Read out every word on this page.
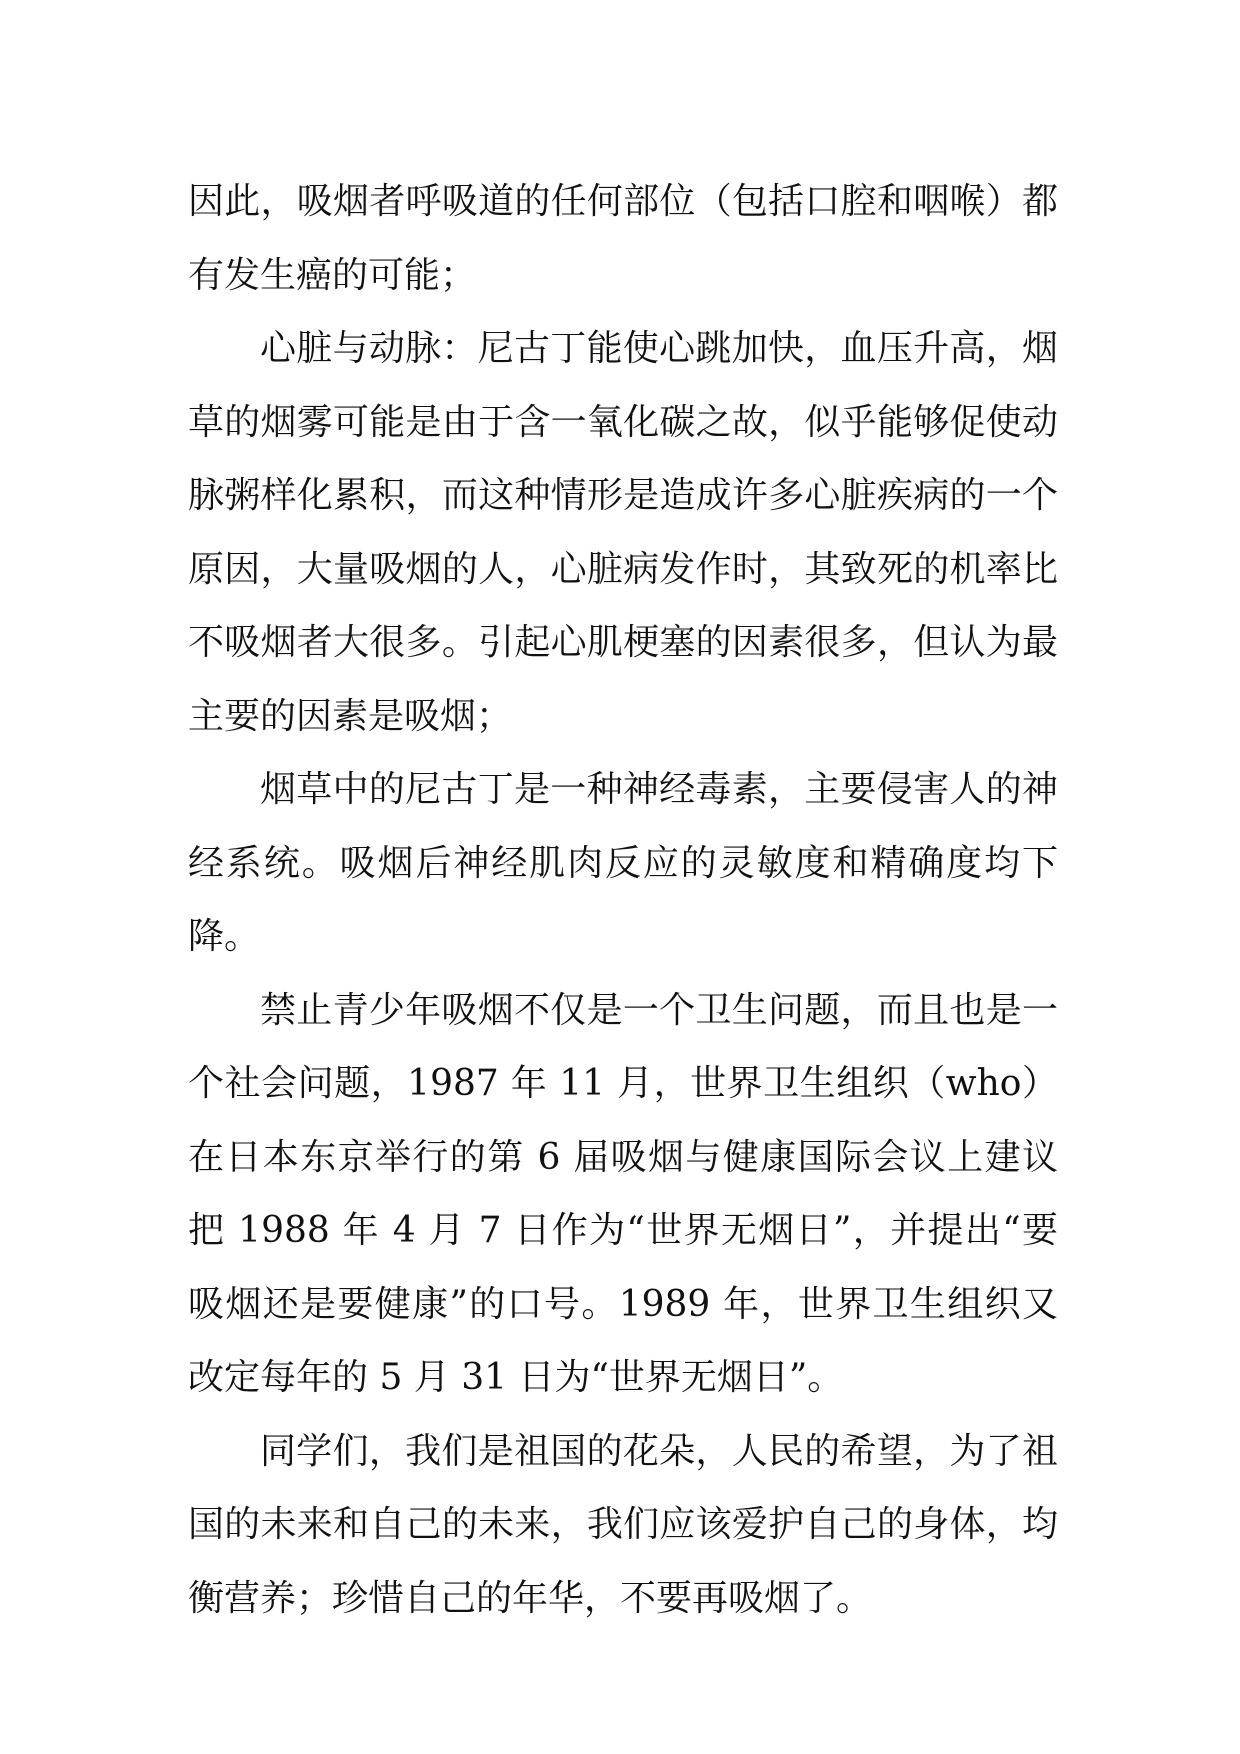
因此，吸烟者呼吸道的任何部位（包括口腔和咽喉）都有发生癌的可能；

心脏与动脉：尼古丁能使心跳加快，血压升高，烟草的烟雾可能是由于含一氧化碳之故，似乎能够促使动脉粥样化累积，而这种情形是造成许多心脏疾病的一个原因，大量吸烟的人，心脏病发作时，其致死的机率比不吸烟者大很多。引起心肌梗塞的因素很多，但认为最主要的因素是吸烟；

烟草中的尼古丁是一种神经毒素，主要侵害人的神经系统。吸烟后神经肌肉反应的灵敏度和精确度均下降。

禁止青少年吸烟不仅是一个卫生问题，而且也是一个社会问题，1987 年 11 月，世界卫生组织（who）在日本东京举行的第 6 届吸烟与健康国际会议上建议把 1988 年 4 月 7 日作为“世界无烟日”，并提出“要吸烟还是要健康”的口号。1989 年，世界卫生组织又改定每年的 5 月 31 日为“世界无烟日”。

同学们，我们是祖国的花朵，人民的希望，为了祖国的未来和自己的未来，我们应该爱护自己的身体，均衡营养；珍惜自己的年华，不要再吸烟了。
